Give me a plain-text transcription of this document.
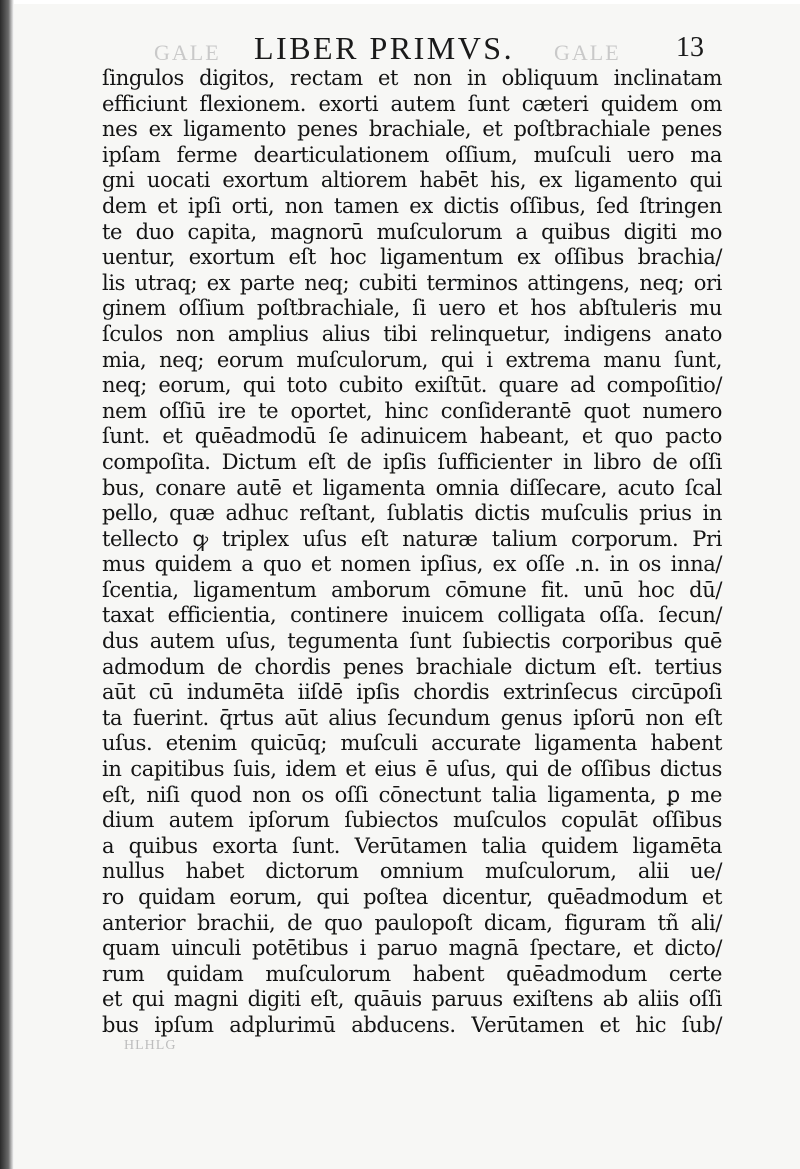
GALE	GALE
LIBER PRIMVS.	13
ſingulos digitos, rectam et non in obliquum inclinatam
efficiunt flexionem. exorti autem ſunt cæteri quidem om
nes ex ligamento penes brachiale, et poſtbrachiale penes
ipſam ferme dearticulationem oſſium, muſculi uero ma
gni uocati exortum altiorem habēt his, ex ligamento qui
dem et ipſi orti, non tamen ex dictis oſſibus, ſed ſtringen
te duo capita, magnorū muſculorum a quibus digiti mo
uentur, exortum eſt hoc ligamentum ex oſſibus brachia/
lis utraq; ex parte neq; cubiti terminos attingens, neq; ori
ginem oſſium poſtbrachiale, ſi uero et hos abſtuleris mu
ſculos non amplius alius tibi relinquetur, indigens anato
mia, neq; eorum muſculorum, qui i extrema manu ſunt,
neq; eorum, qui toto cubito exiſtūt. quare ad compoſitio/
nem oſſiū ire te oportet, hinc conſiderantē quot numero
ſunt. et quēadmodū ſe adinuicem habeant, et quo pacto
compoſita. Dictum eſt de ipſis ſufficienter in libro de oſſi
bus, conare autē et ligamenta omnia diſſecare, acuto ſcal
pello, quæ adhuc reſtant, ſublatis dictis muſculis prius in
tellecto ꝙ triplex uſus eſt naturæ talium corporum. Pri
mus quidem a quo et nomen ipſius, ex oſſe .n. in os inna/
ſcentia, ligamentum amborum cōmune fit. unū hoc dū/
taxat efficientia, continere inuicem colligata oſſa. ſecun/
dus autem uſus, tegumenta ſunt ſubiectis corporibus quē
admodum de chordis penes brachiale dictum eſt. tertius
aūt cū indumēta iiſdē ipſis chordis extrinſecus circūpoſi
ta fuerint. q̄rtus aūt alius ſecundum genus ipſorū non eſt
uſus. etenim quicūq; muſculi accurate ligamenta habent
in capitibus ſuis, idem et eius ē uſus, qui de oſſibus dictus
eſt, niſi quod non os oſſi cōnectunt talia ligamenta, ꝑ me
dium autem ipſorum ſubiectos muſculos copulāt oſſibus
a quibus exorta ſunt. Verūtamen talia quidem ligamēta
nullus habet dictorum omnium muſculorum, alii ue/
ro quidam eorum, qui poſtea dicentur, quēadmodum et
anterior brachii, de quo paulopoſt dicam, figuram tñ ali/
quam uinculi potētibus i paruo magnā ſpectare, et dicto/
rum quidam muſculorum habent quēadmodum certe
et qui magni digiti eſt, quāuis paruus exiſtens ab aliis oſſi
bus ipſum adplurimū abducens. Verūtamen et hic ſub/
HLHLG
